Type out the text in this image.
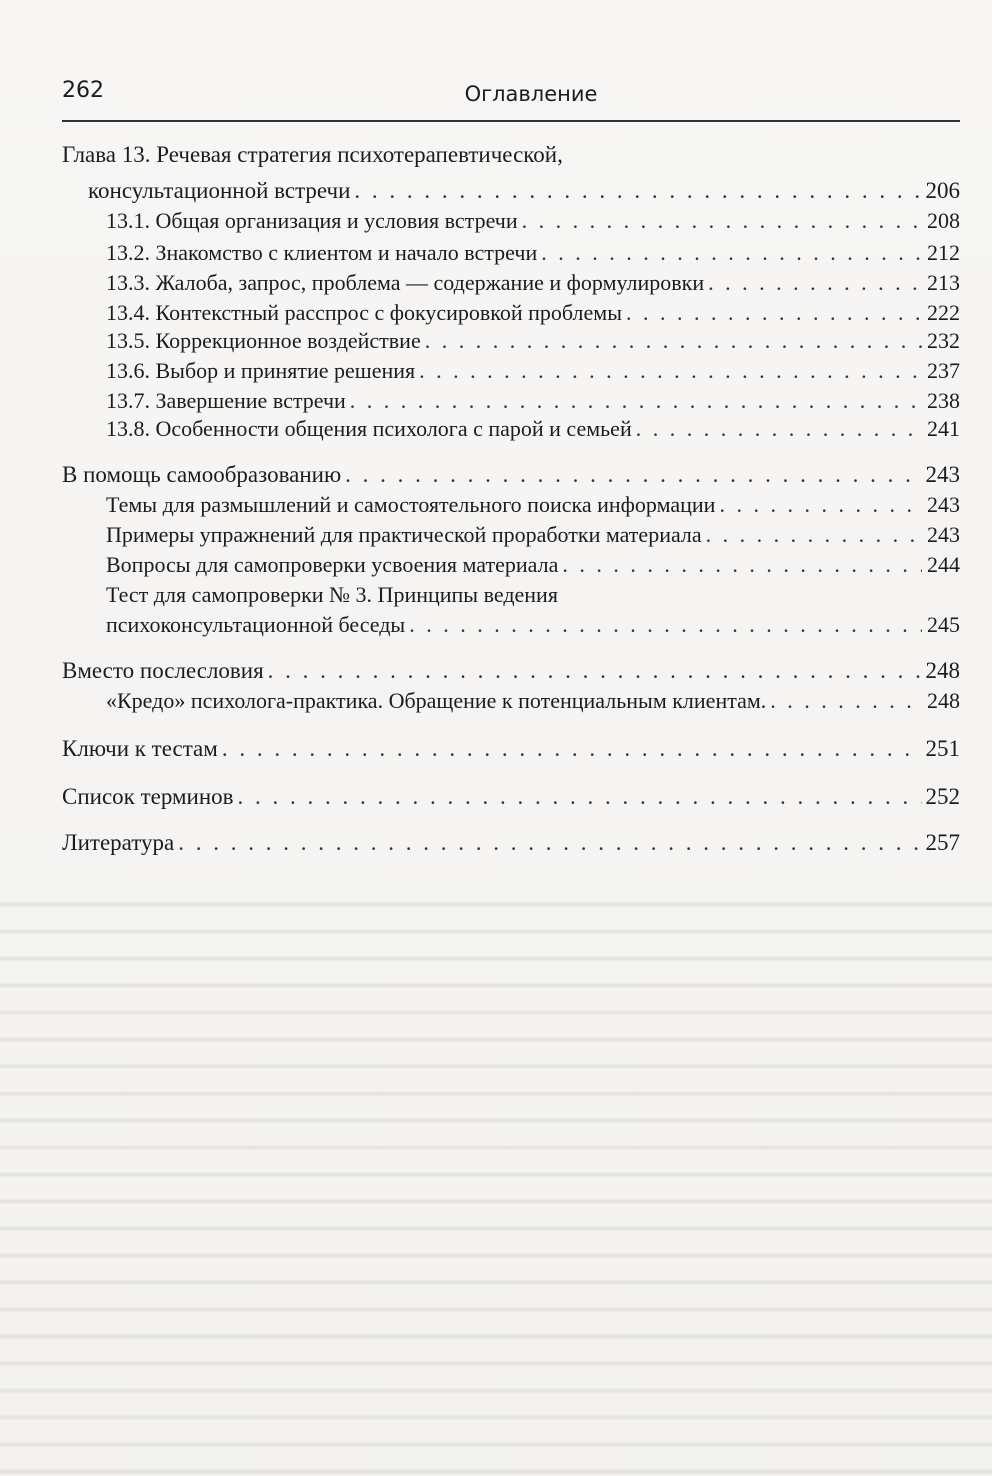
262	Оглавление
Глава 13. Речевая стратегия психотерапевтической,
консультационной встречи . . .	206
13.1. Общая организация и условия встречи . . .	208
13.2. Знакомство с клиентом и начало встречи . . .	212
13.3. Жалоба, запрос, проблема — содержание и формулировки . . .	213
13.4. Контекстный расспрос с фокусировкой проблемы . . .	222
13.5. Коррекционное воздействие . . .	232
13.6. Выбор и принятие решения . . .	237
13.7. Завершение встречи . . .	238
13.8. Особенности общения психолога с парой и семьей . . .	241
В помощь самообразованию . . .	243
Темы для размышлений и самостоятельного поиска информации . . .	243
Примеры упражнений для практической проработки материала . . .	243
Вопросы для самопроверки усвоения материала . . .	244
Тест для самопроверки № 3. Принципы ведения
психоконсультационной беседы . . .	245
Вместо послесловия . . .	248
«Кредо» психолога-практика. Обращение к потенциальным клиентам. . . .	248
Ключи к тестам . . .	251
Список терминов . . .	252
Литература . . .	257
